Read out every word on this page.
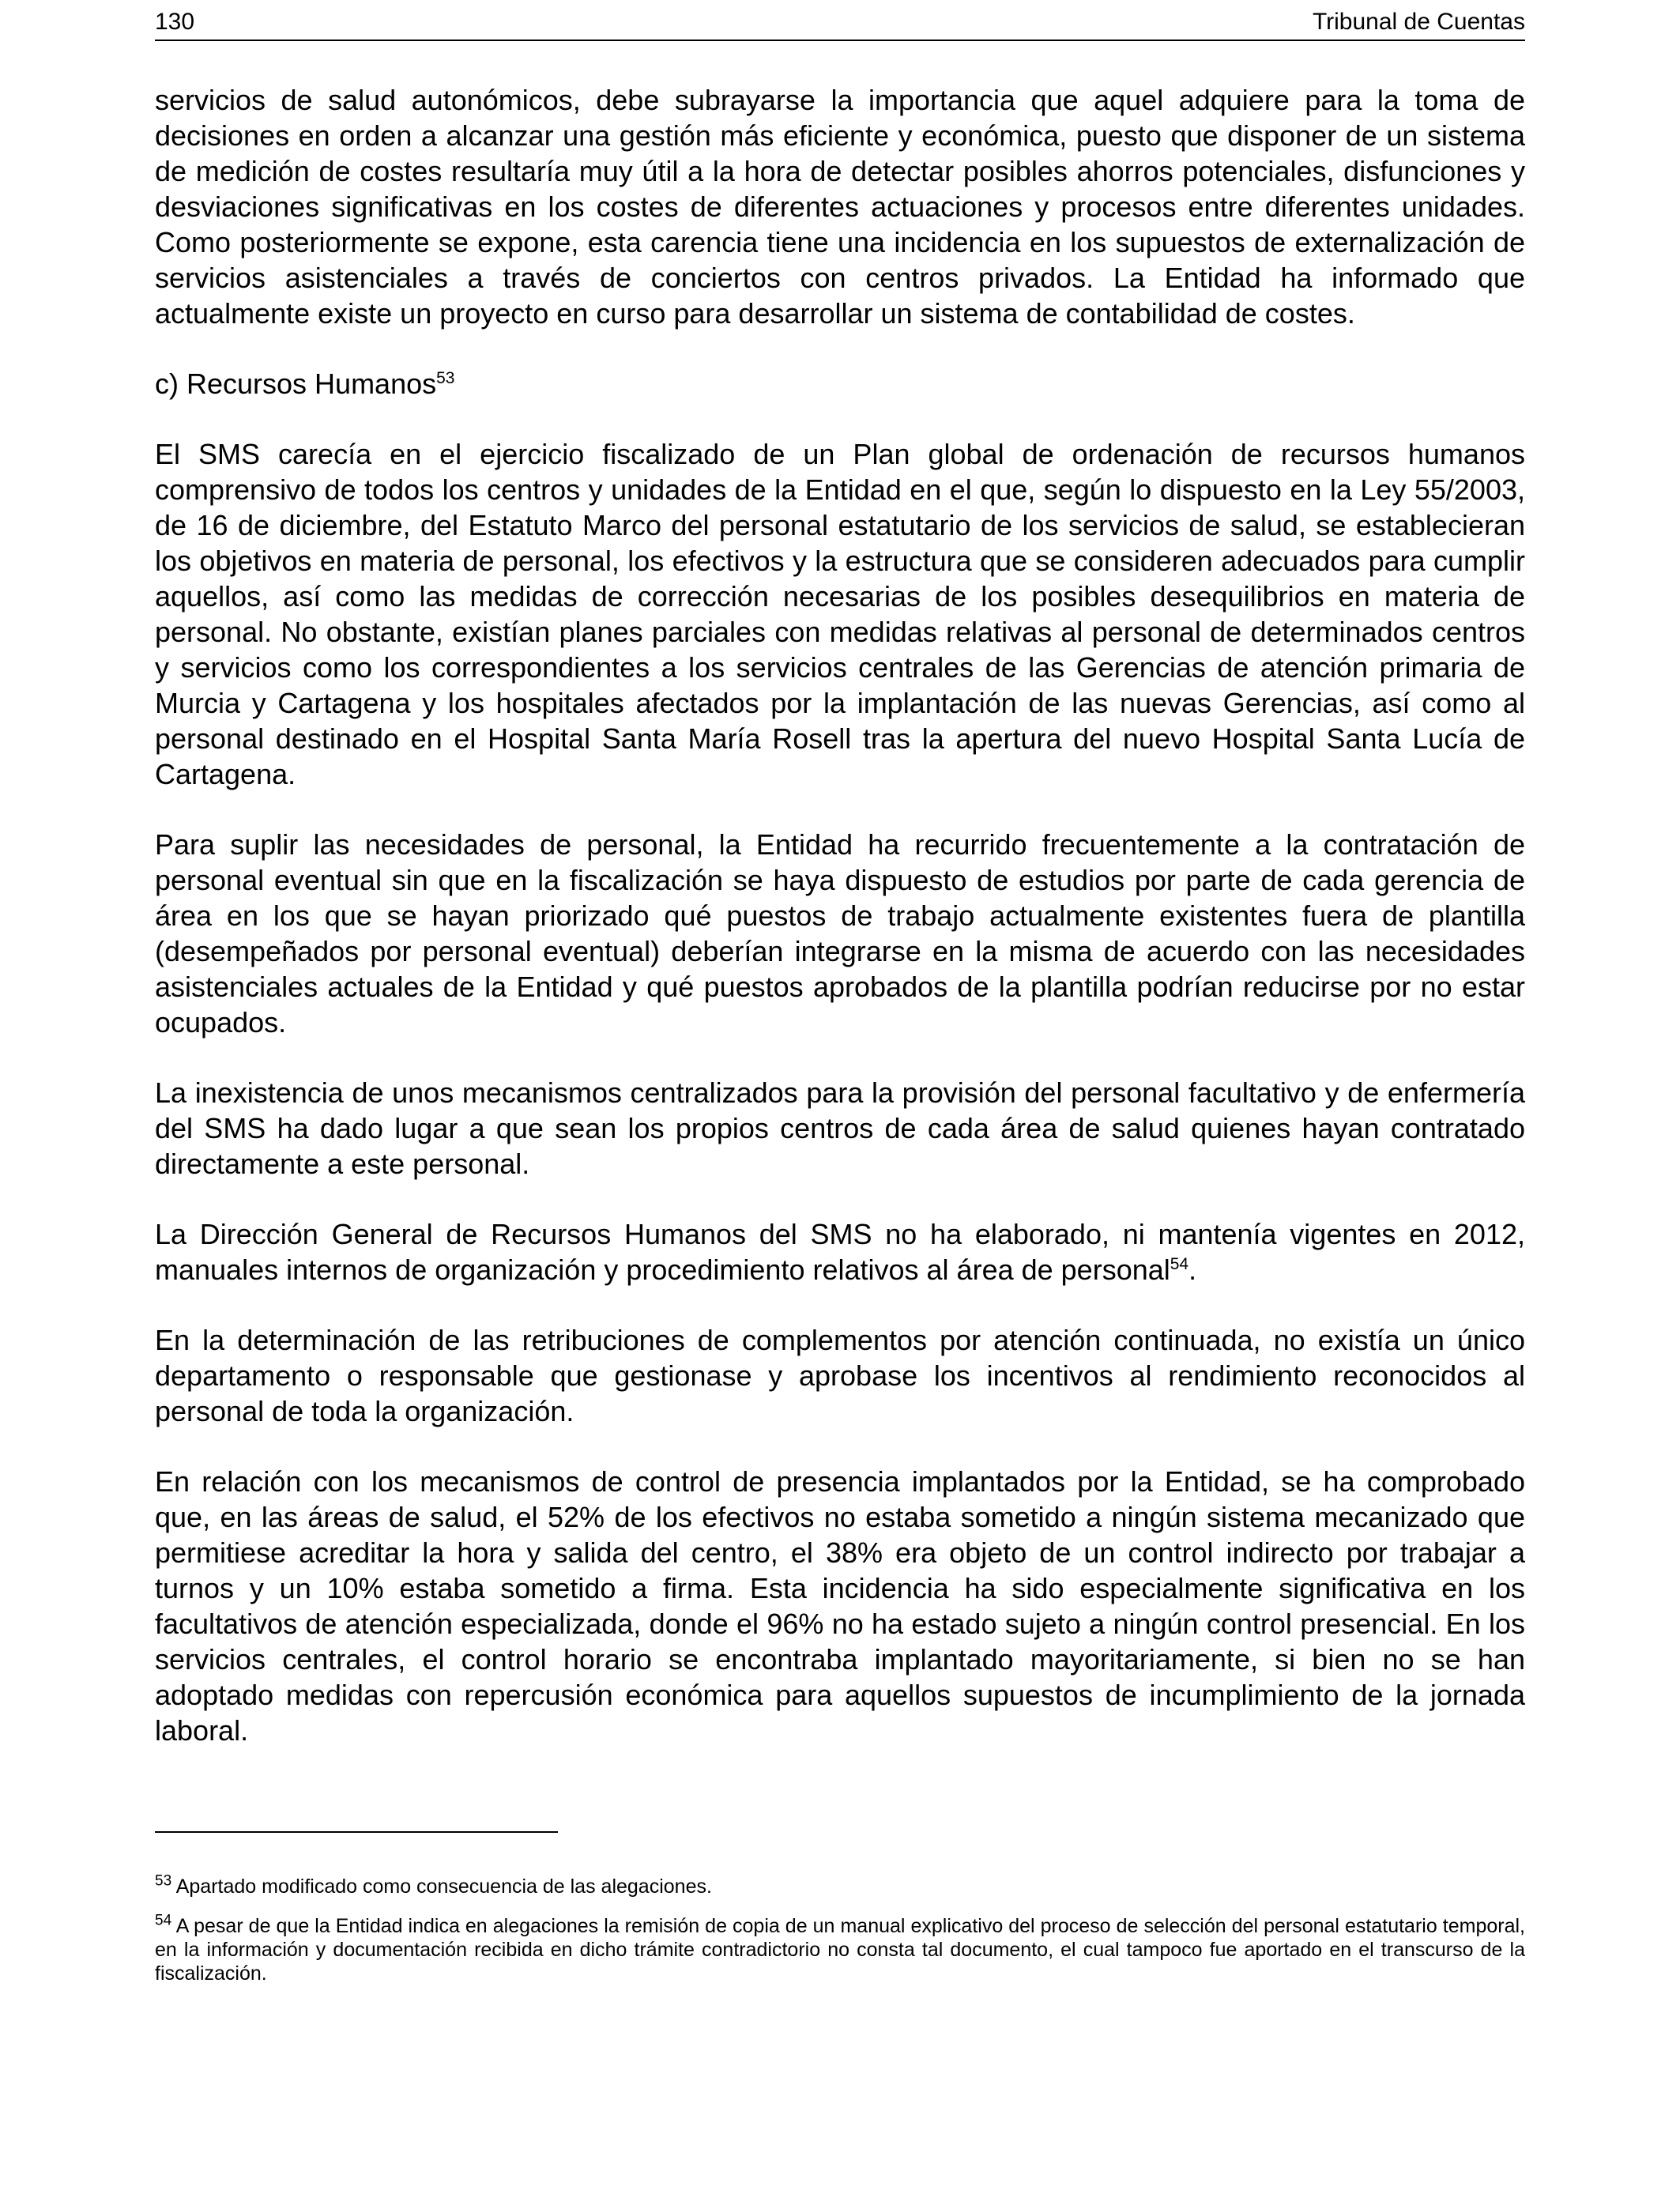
130	Tribunal de Cuentas

servicios de salud autonómicos, debe subrayarse la importancia que aquel adquiere para la toma de decisiones en orden a alcanzar una gestión más eficiente y económica, puesto que disponer de un sistema de medición de costes resultaría muy útil a la hora de detectar posibles ahorros potenciales, disfunciones y desviaciones significativas en los costes de diferentes actuaciones y procesos entre diferentes unidades. Como posteriormente se expone, esta carencia tiene una incidencia en los supuestos de externalización de servicios asistenciales a través de conciertos con centros privados. La Entidad ha informado que actualmente existe un proyecto en curso para desarrollar un sistema de contabilidad de costes.

c) Recursos Humanos$^{53}$

El SMS carecía en el ejercicio fiscalizado de un Plan global de ordenación de recursos humanos comprensivo de todos los centros y unidades de la Entidad en el que, según lo dispuesto en la Ley 55/2003, de 16 de diciembre, del Estatuto Marco del personal estatutario de los servicios de salud, se establecieran los objetivos en materia de personal, los efectivos y la estructura que se consideren adecuados para cumplir aquellos, así como las medidas de corrección necesarias de los posibles desequilibrios en materia de personal. No obstante, existían planes parciales con medidas relativas al personal de determinados centros y servicios como los correspondientes a los servicios centrales de las Gerencias de atención primaria de Murcia y Cartagena y los hospitales afectados por la implantación de las nuevas Gerencias, así como al personal destinado en el Hospital Santa María Rosell tras la apertura del nuevo Hospital Santa Lucía de Cartagena.

Para suplir las necesidades de personal, la Entidad ha recurrido frecuentemente a la contratación de personal eventual sin que en la fiscalización se haya dispuesto de estudios por parte de cada gerencia de área en los que se hayan priorizado qué puestos de trabajo actualmente existentes fuera de plantilla (desempeñados por personal eventual) deberían integrarse en la misma de acuerdo con las necesidades asistenciales actuales de la Entidad y qué puestos aprobados de la plantilla podrían reducirse por no estar ocupados.

La inexistencia de unos mecanismos centralizados para la provisión del personal facultativo y de enfermería del SMS ha dado lugar a que sean los propios centros de cada área de salud quienes hayan contratado directamente a este personal.

La Dirección General de Recursos Humanos del SMS no ha elaborado, ni mantenía vigentes en 2012, manuales internos de organización y procedimiento relativos al área de personal$^{54}$.

En la determinación de las retribuciones de complementos por atención continuada, no existía un único departamento o responsable que gestionase y aprobase los incentivos al rendimiento reconocidos al personal de toda la organización.

En relación con los mecanismos de control de presencia implantados por la Entidad, se ha comprobado que, en las áreas de salud, el 52% de los efectivos no estaba sometido a ningún sistema mecanizado que permitiese acreditar la hora y salida del centro, el 38% era objeto de un control indirecto por trabajar a turnos y un 10% estaba sometido a firma. Esta incidencia ha sido especialmente significativa en los facultativos de atención especializada, donde el 96% no ha estado sujeto a ningún control presencial. En los servicios centrales, el control horario se encontraba implantado mayoritariamente, si bien no se han adoptado medidas con repercusión económica para aquellos supuestos de incumplimiento de la jornada laboral.

$^{53}$ Apartado modificado como consecuencia de las alegaciones.

$^{54}$ A pesar de que la Entidad indica en alegaciones la remisión de copia de un manual explicativo del proceso de selección del personal estatutario temporal, en la información y documentación recibida en dicho trámite contradictorio no consta tal documento, el cual tampoco fue aportado en el transcurso de la fiscalización.
